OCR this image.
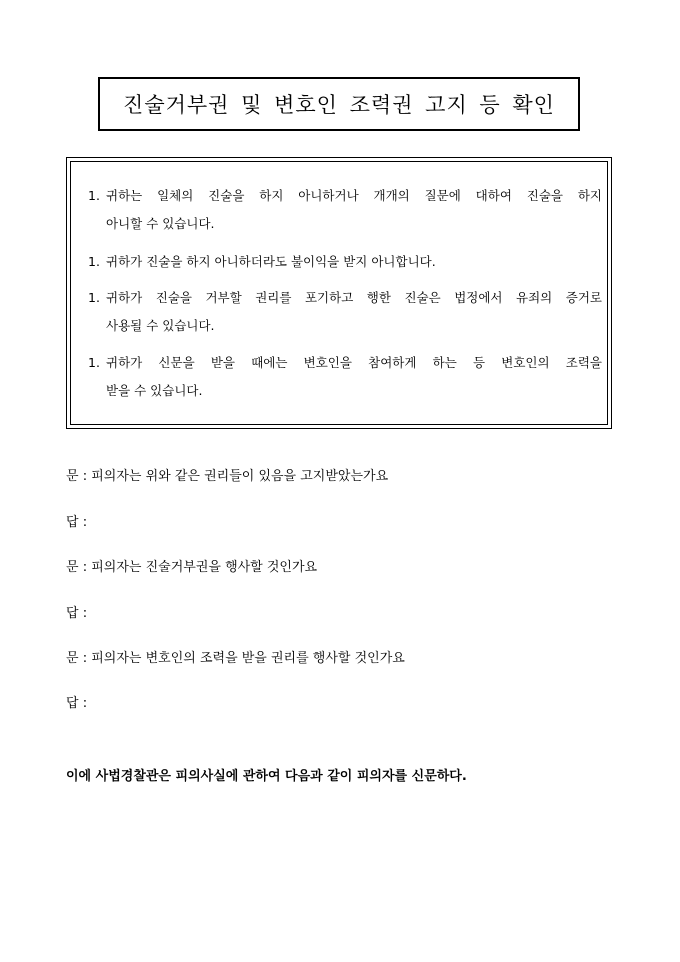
진술거부권 및 변호인 조력권 고지 등 확인
1. 귀하는 일체의 진술을 하지 아니하거나 개개의 질문에 대하여 진술을 하지
아니할 수 있습니다.
1. 귀하가 진술을 하지 아니하더라도 불이익을 받지 아니합니다.
1. 귀하가 진술을 거부할 권리를 포기하고 행한 진술은 법정에서 유죄의 증거로
사용될 수 있습니다.
1. 귀하가 신문을 받을 때에는 변호인을 참여하게 하는 등 변호인의 조력을
받을 수 있습니다.
문 : 피의자는 위와 같은 권리들이 있음을 고지받았는가요
답 :
문 : 피의자는 진술거부권을 행사할 것인가요
답 :
문 : 피의자는 변호인의 조력을 받을 권리를 행사할 것인가요
답 :
이에 사법경찰관은 피의사실에 관하여 다음과 같이 피의자를 신문하다.
